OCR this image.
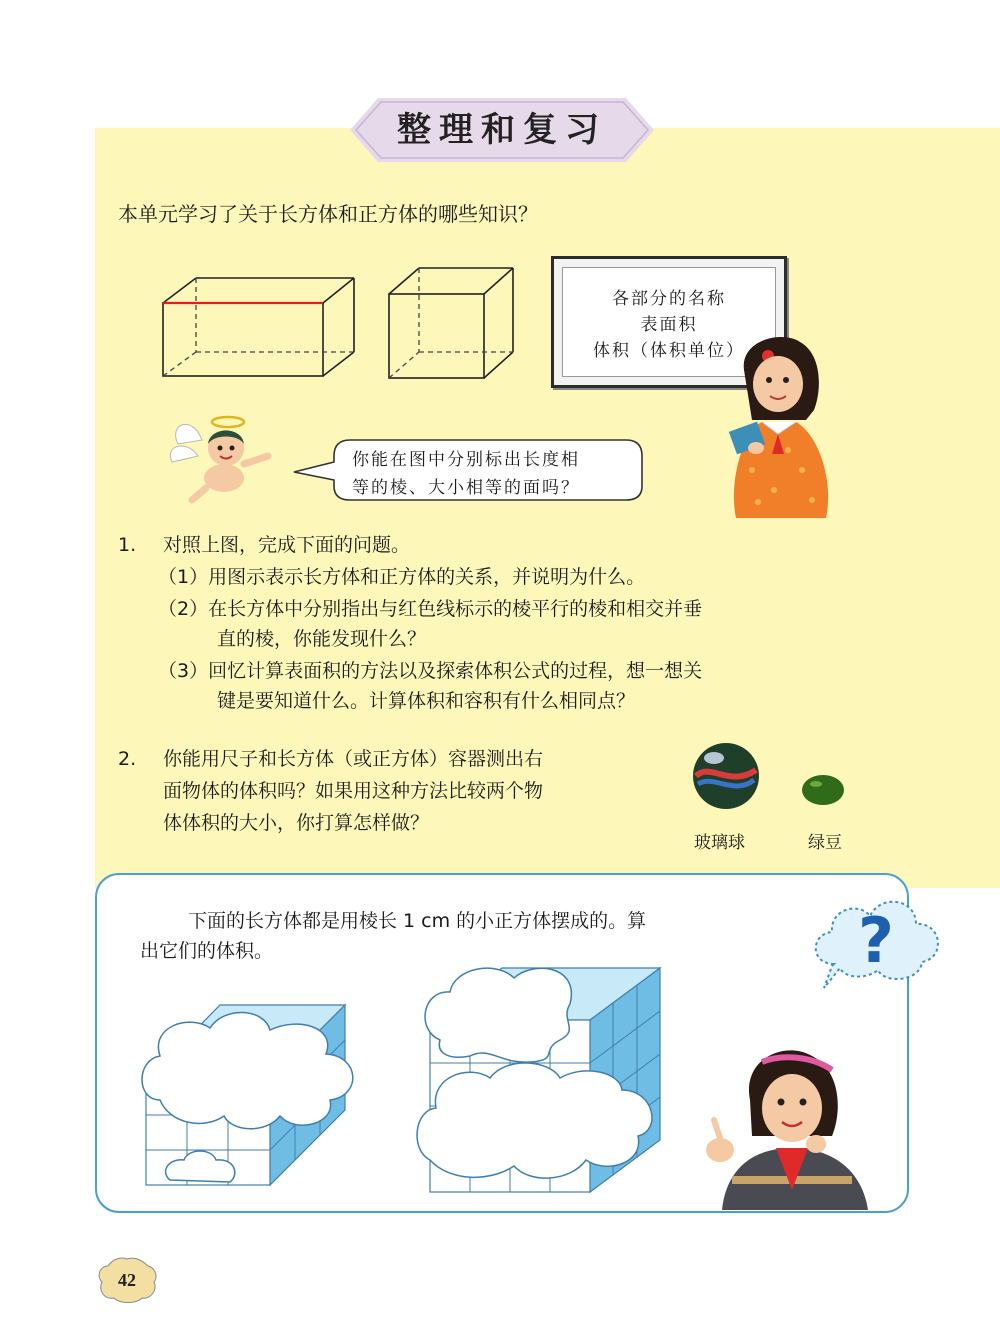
整理和复习
本单元学习了关于长方体和正方体的哪些知识？
各部分的名称
表面积
体积（体积单位）
你能在图中分别标出长度相
等的棱、大小相等的面吗？
1. 对照上图，完成下面的问题。
（1）用图示表示长方体和正方体的关系，并说明为什么。
（2）在长方体中分别指出与红色线标示的棱平行的棱和相交并垂
直的棱，你能发现什么？
（3）回忆计算表面积的方法以及探索体积公式的过程，想一想关
键是要知道什么。计算体积和容积有什么相同点？
2. 你能用尺子和长方体（或正方体）容器测出右
面物体的体积吗？如果用这种方法比较两个物
体体积的大小，你打算怎样做？
玻璃球	绿豆
下面的长方体都是用棱长 1 cm 的小正方体摆成的。算
出它们的体积。	?
42
